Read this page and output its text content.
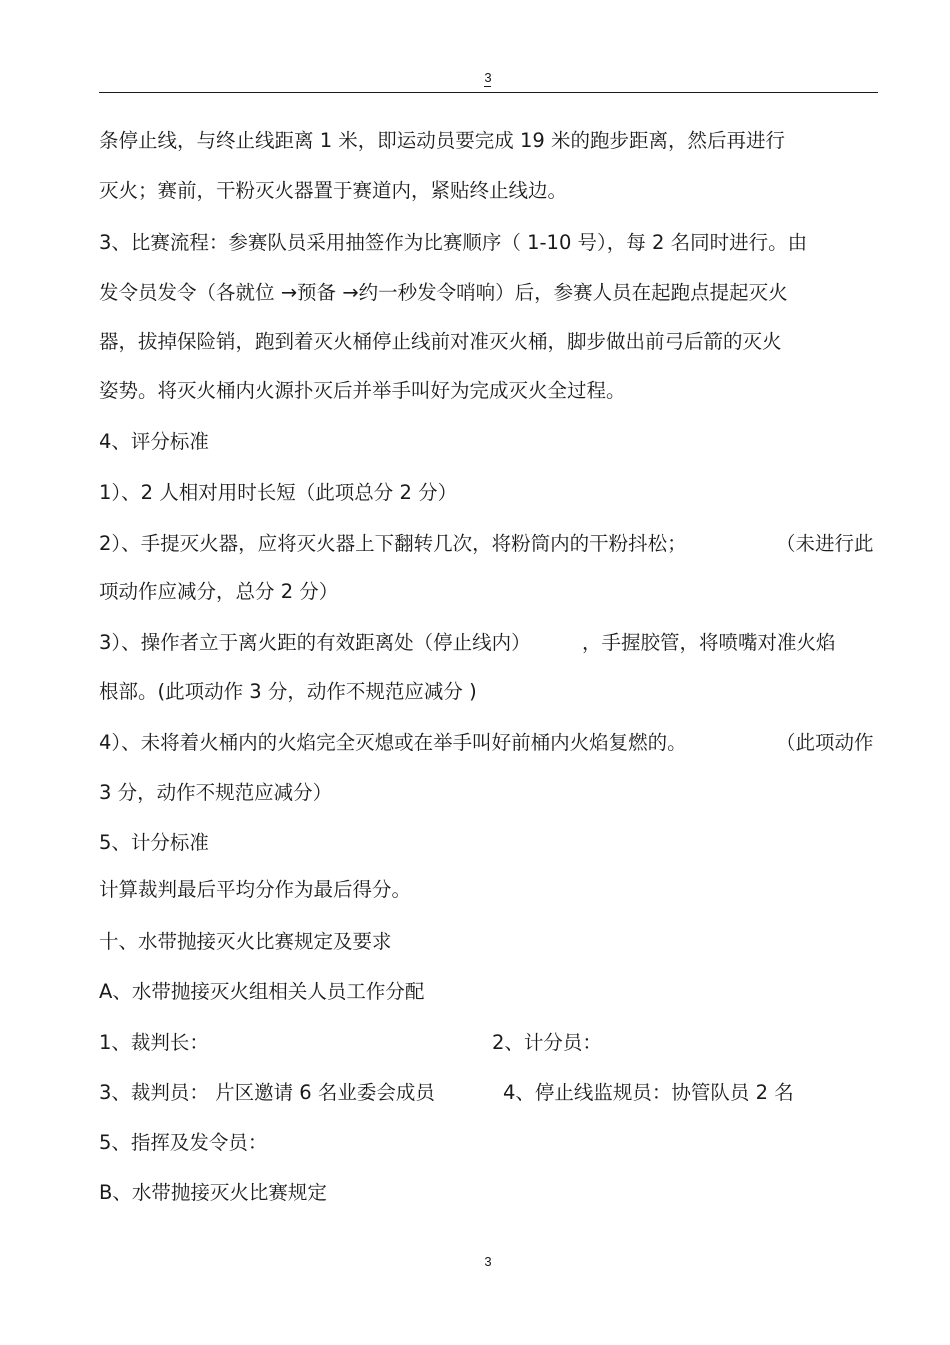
3
条停止线，与终止线距离 1 米，即运动员要完成 19 米的跑步距离，然后再进行
灭火；赛前，干粉灭火器置于赛道内，紧贴终止线边。
3、比赛流程：参赛队员采用抽签作为比赛顺序（ 1-10 号），每 2 名同时进行。由
发令员发令（各就位 →预备 →约一秒发令哨响）后，参赛人员在起跑点提起灭火
器，拔掉保险销，跑到着灭火桶停止线前对准灭火桶，脚步做出前弓后箭的灭火
姿势。将灭火桶内火源扑灭后并举手叫好为完成灭火全过程。
4、评分标准
1）、2 人相对用时长短（此项总分 2 分）
2）、手提灭火器，应将灭火器上下翻转几次，将粉筒内的干粉抖松；	（未进行此
项动作应减分，总分 2 分）
3）、操作者立于离火距的有效距离处（停止线内）	，手握胶管，将喷嘴对准火焰
根部。(此项动作 3 分，动作不规范应减分 )
4）、未将着火桶内的火焰完全灭熄或在举手叫好前桶内火焰复燃的。	（此项动作
3 分，动作不规范应减分）
5、计分标准
计算裁判最后平均分作为最后得分。
十、水带抛接灭火比赛规定及要求
A、水带抛接灭火组相关人员工作分配
1、裁判长：	2、计分员：
3、裁判员： 片区邀请 6 名业委会成员	4、停止线监规员：协管队员 2 名
5、指挥及发令员：
B、水带抛接灭火比赛规定
3
